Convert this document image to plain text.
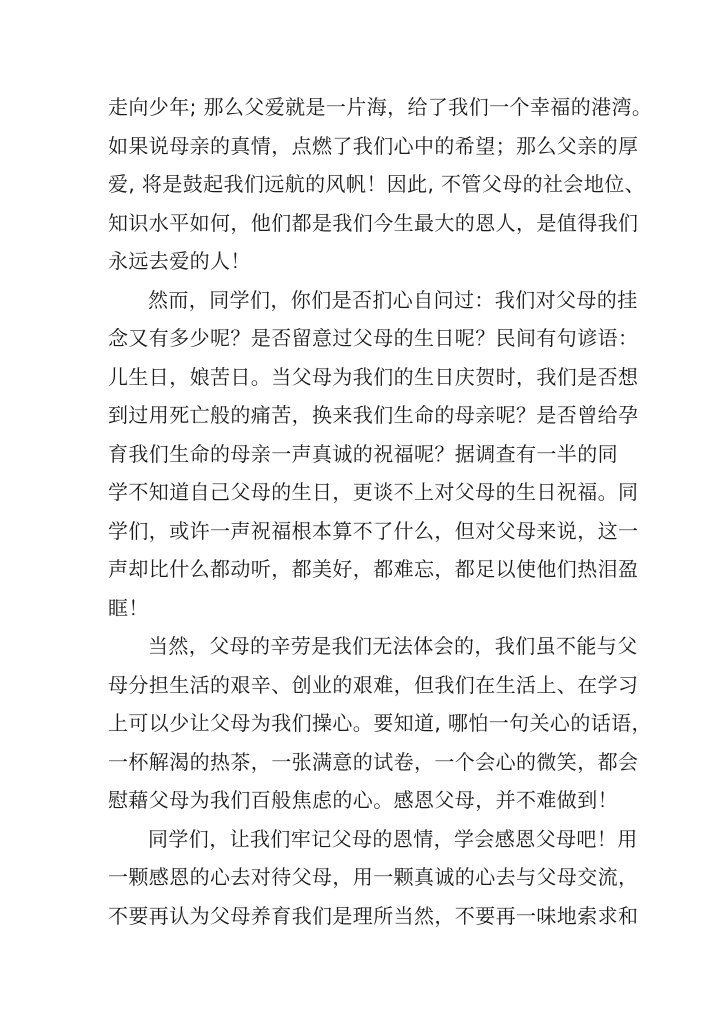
走向少年; 那么父爱就是一片海，给了我们一个幸福的港湾。
如果说母亲的真情，点燃了我们心中的希望；那么父亲的厚
爱, 将是鼓起我们远航的风帆！因此, 不管父母的社会地位、
知识水平如何，他们都是我们今生最大的恩人，是值得我们
永远去爱的人！
然而，同学们，你们是否扪心自问过：我们对父母的挂
念又有多少呢？是否留意过父母的生日呢？民间有句谚语：
儿生日，娘苦日。当父母为我们的生日庆贺时，我们是否想
到过用死亡般的痛苦，换来我们生命的母亲呢？是否曾给孕
育我们生命的母亲一声真诚的祝福呢？据调查有一半的同
学不知道自己父母的生日，更谈不上对父母的生日祝福。同
学们，或许一声祝福根本算不了什么，但对父母来说，这一
声却比什么都动听，都美好，都难忘，都足以使他们热泪盈
眶！
当然，父母的辛劳是我们无法体会的，我们虽不能与父
母分担生活的艰辛、创业的艰难，但我们在生活上、在学习
上可以少让父母为我们操心。要知道, 哪怕一句关心的话语，
一杯解渴的热茶，一张满意的试卷，一个会心的微笑，都会
慰藉父母为我们百般焦虑的心。感恩父母，并不难做到！
同学们，让我们牢记父母的恩情，学会感恩父母吧！用
一颗感恩的心去对待父母，用一颗真诚的心去与父母交流，
不要再认为父母养育我们是理所当然，不要再一味地索求和
